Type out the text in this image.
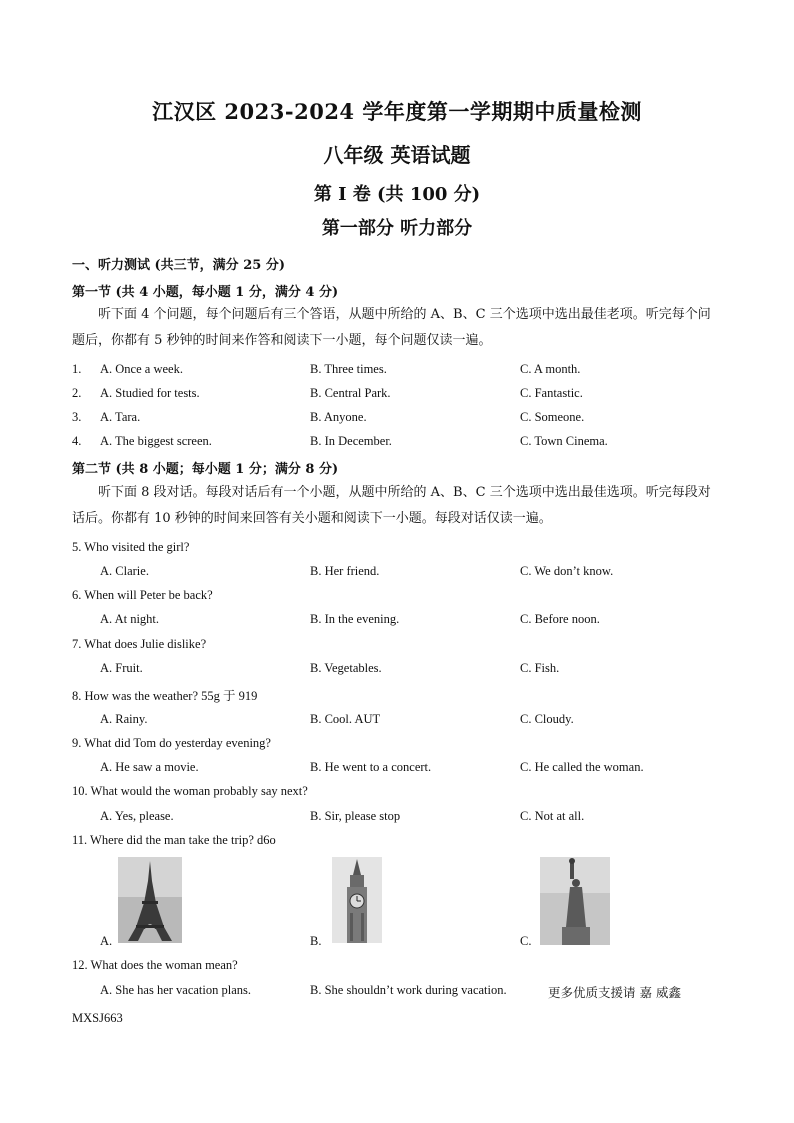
江汉区 2023-2024 学年度第一学期期中质量检测
八年级 英语试题
第 I 卷 (共 100 分)
第一部分 听力部分
一、听力测试 (共三节，满分 25 分)
第一节 (共 4 小题，每小题 1 分，满分 4 分)
听下面 4 个问题，每个问题后有三个答语，从题中所给的 A、B、C 三个选项中选出最佳老项。听完每个问题后，你都有 5 秒钟的时间来作答和阅读下一小题，每个问题仅读一遍。
1. A. Once a week.	B. Three times.	C. A month.
2. A. Studied for tests.	B. Central Park.	C. Fantastic.
3. A. Tara.	B. Anyone.	C. Someone.
4. A. The biggest screen.	B. In December.	C. Town Cinema.
第二节 (共 8 小题；每小题 1 分；满分 8 分)
听下面 8 段对话。每段对话后有一个小题，从题中所给的 A、B、C 三个选项中选出最佳选项。听完每段对话后。你都有 10 秒钟的时间来回答有关小题和阅读下一小题。每段对话仅读一遍。
5. Who visited the girl?
A. Clarie.	B. Her friend.	C. We don’t know.
6. When will Peter be back?
A. At night.	B. In the evening.	C. Before noon.
7. What does Julie dislike?
A. Fruit.	B. Vegetables.	C. Fish.
8. How was the weather? 55g 于 919
A. Rainy.	B. Cool. AUT	C. Cloudy.
9. What did Tom do yesterday evening?
A. He saw a movie.	B. He went to a concert.	C. He called the woman.
10. What would the woman probably say next?
A. Yes, please.	B. Sir, please stop	C. Not at all.
11. Where did the man take the trip? d6o
A.	B.	C.
12. What does the woman mean?
A. She has her vacation plans.	B. She shouldn’t work during vacation.	更多优质支援请 嘉 威鑫
MXSJ663
